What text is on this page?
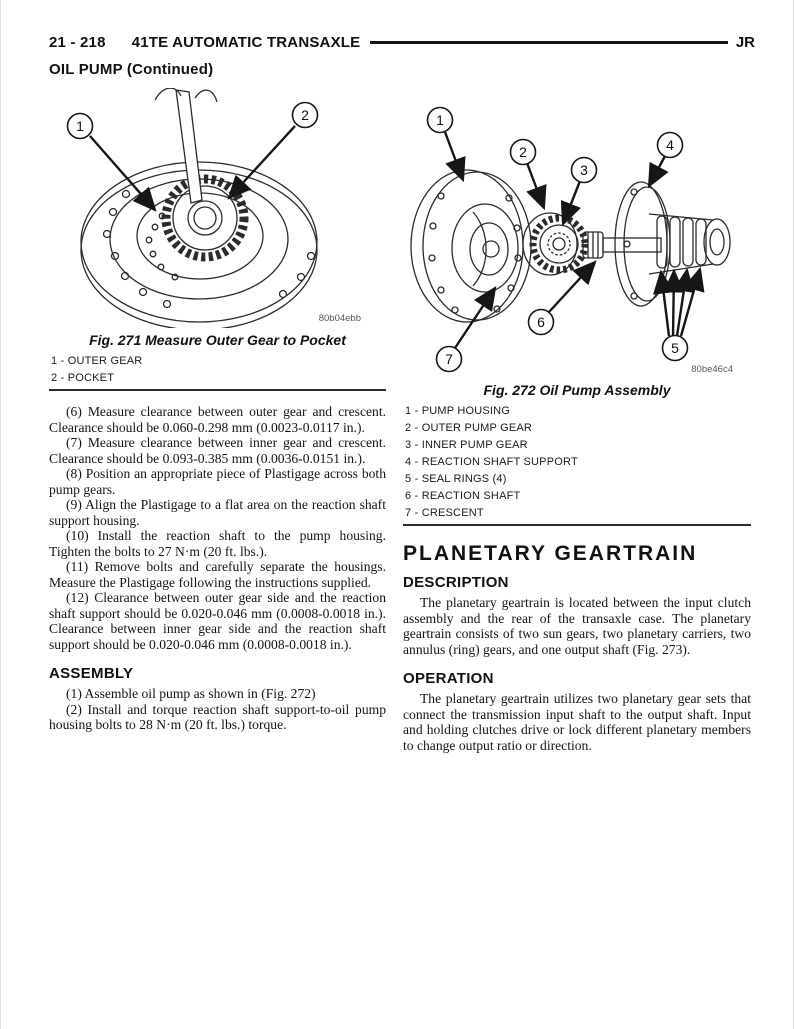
21 - 218 41TE AUTOMATIC TRANSAXLE	JR
OIL PUMP (Continued)
1
2
80b04ebb
Fig. 271 Measure Outer Gear to Pocket
1 - OUTER GEAR
2 - POCKET

(6) Measure clearance between outer gear and crescent. Clearance should be 0.060-0.298 mm (0.0023-0.0117 in.).

(7) Measure clearance between inner gear and crescent. Clearance should be 0.093-0.385 mm (0.0036-0.0151 in.).

(8) Position an appropriate piece of Plastigage across both pump gears.

(9) Align the Plastigage to a flat area on the reaction shaft support housing.

(10) Install the reaction shaft to the pump housing. Tighten the bolts to 27 N·m (20 ft. lbs.).

(11) Remove bolts and carefully separate the housings. Measure the Plastigage following the instructions supplied.

(12) Clearance between outer gear side and the reaction shaft support should be 0.020-0.046 mm (0.0008-0.0018 in.). Clearance between inner gear side and the reaction shaft support should be 0.020-0.046 mm (0.0008-0.0018 in.).

ASSEMBLY

(1) Assemble oil pump as shown in (Fig. 272)

(2) Install and torque reaction shaft support-to-oil pump housing bolts to 28 N·m (20 ft. lbs.) torque.

1
2
3
4
5
6
7
80be46c4
Fig. 272 Oil Pump Assembly
1 - PUMP HOUSING
2 - OUTER PUMP GEAR
3 - INNER PUMP GEAR
4 - REACTION SHAFT SUPPORT
5 - SEAL RINGS (4)
6 - REACTION SHAFT
7 - CRESCENT
PLANETARY GEARTRAIN
DESCRIPTION

The planetary geartrain is located between the input clutch assembly and the rear of the transaxle case. The planetary geartrain consists of two sun gears, two planetary carriers, two annulus (ring) gears, and one output shaft (Fig. 273).

OPERATION

The planetary geartrain utilizes two planetary gear sets that connect the transmission input shaft to the output shaft. Input and holding clutches drive or lock different planetary members to change output ratio or direction.
